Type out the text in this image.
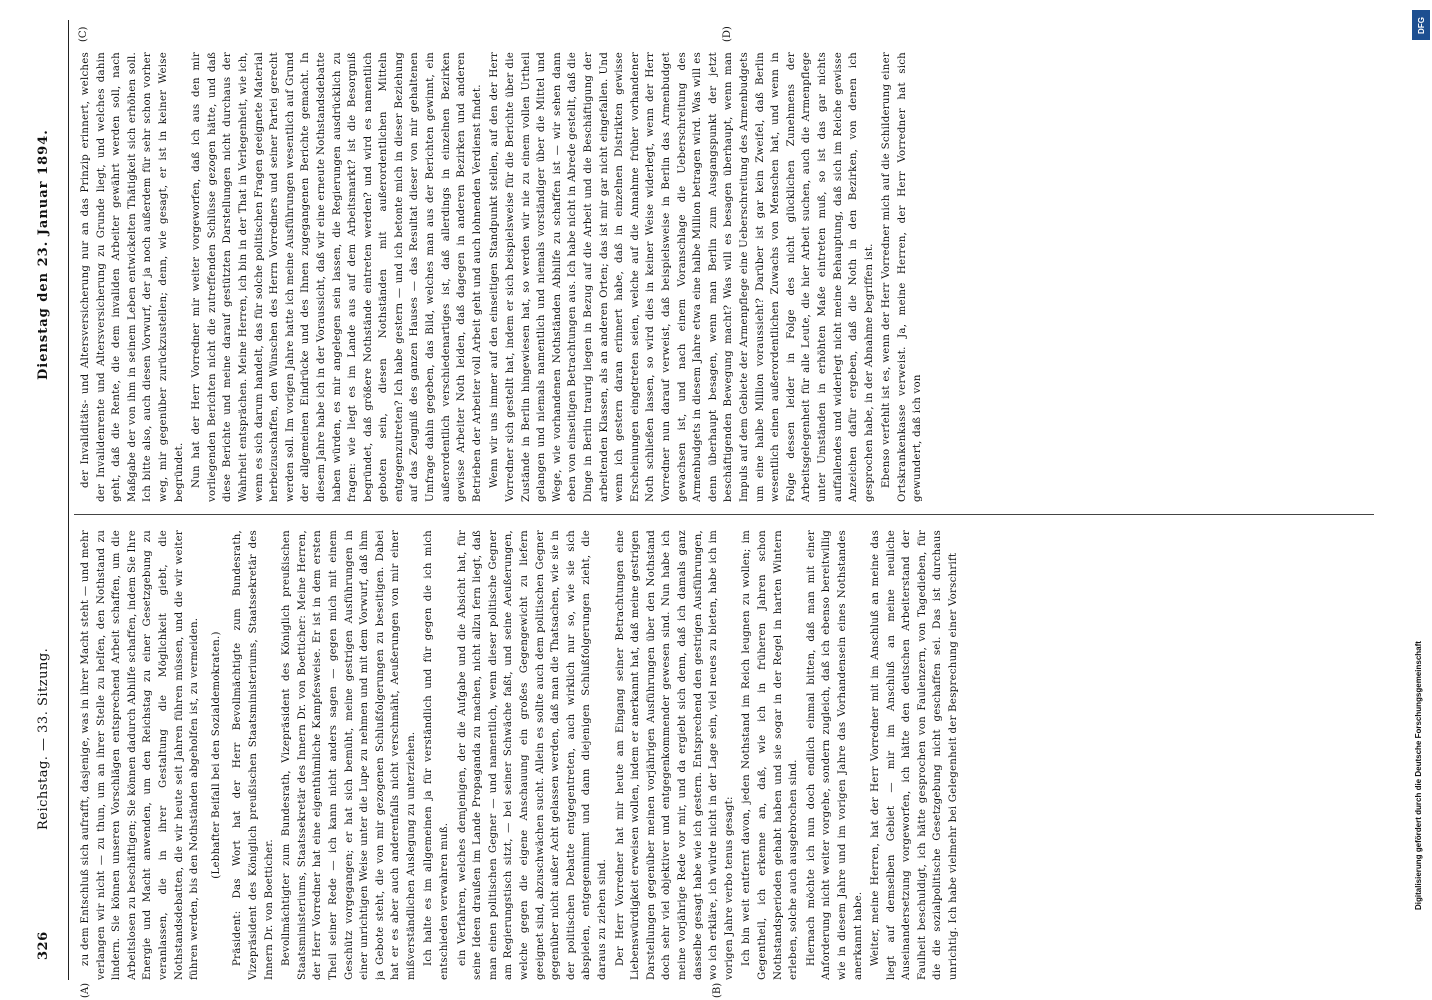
326
Reichstag. — 33. Sitzung.
Dienstag den 23. Januar 1894.
(A)	(B)
(C)	(D)

zu dem Entschluß sich aufrafft, dasjenige, was in ihrer Macht steht — und mehr verlangen wir nicht — zu thun, um an ihrer Stelle zu helfen, den Nothstand zu lindern. Sie können unseren Vorschlägen entsprechend Arbeit schaffen, um die Arbeitslosen zu beschäftigen; Sie können dadurch Abhilfe schaffen, indem Sie Ihre Energie und Macht anwenden, um den Reichstag zu einer Gesetzgebung zu veranlassen, die in ihrer Gestaltung die Möglichkeit giebt, die Nothstandsdebatten, die wir heute seit Jahren führen müssen, und die wir weiter führen werden, bis den Nothständen abgeholfen ist, zu vermeiden. (Lebhafter Beifall bei den Sozialdemokraten.) Präsident: Das Wort hat der Herr Bevollmächtigte zum Bundesrath, Vizepräsident des Königlich preußischen Staatsministeriums, Staatssekretär des Innern Dr. von Boetticher. Bevollmächtigter zum Bundesrath, Vizepräsident des Königlich preußischen Staatsministeriums, Staatssekretär des Innern Dr. von Boetticher: Meine Herren, der Herr Vorredner hat eine eigenthümliche Kampfesweise. Er ist in dem ersten Theil seiner Rede — ich kann nicht anders sagen — gegen mich mit einem Geschütz vorgegangen; er hat sich bemüht, meine gestrigen Ausführungen in einer unrichtigen Weise unter die Lupe zu nehmen und mit dem Vorwurf, daß ihm ja Gebote steht, die von mir gezogenen Schlußfolgerungen zu beseitigen. Dabei hat er es aber auch anderenfalls nicht verschmäht, Aeußerungen von mir einer mißverständlichen Auslegung zu unterziehen. Ich halte es im allgemeinen ja für verständlich und für gegen die ich mich entschieden verwahren muß. ein Verfahren, welches demjenigen, der die Aufgabe und die Absicht hat, für seine Ideen draußen im Lande Propaganda zu machen, nicht allzu fern liegt, daß man einen politischen Gegner — und namentlich, wenn dieser politische Gegner am Regierungstisch sitzt, — bei seiner Schwäche faßt, und seine Aeußerungen, welche gegen die eigene Anschauung ein großes Gegengewicht zu liefern geeignet sind, abzuschwächen sucht. Allein es sollte auch dem politischen Gegner gegenüber nicht außer Acht gelassen werden, daß man die Thatsachen, wie sie in der politischen Debatte entgegentreten, auch wirklich nur so, wie sie sich abspielen, entgegennimmt und dann diejenigen Schlußfolgerungen zieht, die daraus zu ziehen sind. Der Herr Vorredner hat mir heute am Eingang seiner Betrachtungen eine Liebenswürdigkeit erweisen wollen, indem er anerkannt hat, daß meine gestrigen Darstellungen gegenüber meinen vorjährigen Ausführungen über den Nothstand doch sehr viel objektiver und entgegenkommender gewesen sind. Nun habe ich meine vorjährige Rede vor mir, und da ergiebt sich denn, daß ich damals ganz dasselbe gesagt habe wie ich gestern. Entsprechend den gestrigen Ausführungen, wo ich erkläre, ich würde nicht in der Lage sein, viel neues zu bieten, habe ich im vorigen Jahre verbo tenus gesagt: Ich bin weit entfernt davon, jeden Nothstand im Reich leugnen zu wollen; im Gegentheil, ich erkenne an, daß, wie ich in früheren Jahren schon Nothstandsperioden gehabt haben und sie sogar in der Regel in harten Wintern erleben, solche auch ausgebrochen sind. Hiernach möchte ich nun doch endlich einmal bitten, daß man mit einer Anforderung nicht weiter vorgehe, sondern zugleich, daß ich ebenso bereitwillig wie in diesem Jahre und im vorigen Jahre das Vorhandensein eines Nothstandes anerkannt habe. Weiter, meine Herren, hat der Herr Vorredner mit im Anschluß an meine das liegt auf demselben Gebiet — mir im Anschluß an meine neuliche Auseinandersetzung vorgeworfen, ich hätte den deutschen Arbeiterstand der Faulheit beschuldigt, ich hätte gesprochen von Faulenzern, von Tagedieben, für die die sozialpolitische Gesetzgebung nicht geschaffen sei. Das ist durchaus unrichtig. Ich habe vielmehr bei Gelegenheit der Besprechung einer Vorschrift

der Invaliditäts- und Altersversicherung nur an das Prinzip erinnert, welches der Invalidenrente und Altersversicherung zu Grunde liegt, und welches dahin geht, daß die Rente, die dem invaliden Arbeiter gewährt werden soll, nach Maßgabe der von ihm in seinem Leben entwickelten Thätigkeit sich erhöhen soll. Ich bitte also, auch diesen Vorwurf, der ja noch außerdem für sehr schon vorher weg, mir gegenüber zurückzustellen; denn, wie gesagt, er ist in keiner Weise begründet. Nun hat der Herr Vorredner mir weiter vorgeworfen, daß ich aus den mir vorliegenden Berichten nicht die zutreffenden Schlüsse gezogen hätte, und daß diese Berichte und meine darauf gestützten Darstellungen nicht durchaus der Wahrheit entsprächen. Meine Herren, ich bin in der That in Verlegenheit, wie ich, wenn es sich darum handelt, das für solche politischen Fragen geeignete Material herbeizuschaffen, den Wünschen des Herrn Vorredners und seiner Partei gerecht werden soll. Im vorigen Jahre hatte ich meine Ausführungen wesentlich auf Grund der allgemeinen Eindrücke und des Ihnen zugegangenen Berichte gemacht. In diesem Jahre habe ich in der Voraussicht, daß wir eine erneute Nothstandsdebatte haben würden, es mir angelegen sein lassen, die Regierungen ausdrücklich zu fragen: wie liegt es im Lande aus auf dem Arbeitsmarkt? ist die Besorgniß begründet, daß größere Nothstände eintreten werden? und wird es namentlich geboten sein, diesen Nothständen mit außerordentlichen Mitteln entgegenzutreten? Ich habe gestern — und ich betonte mich in dieser Beziehung auf das Zeugniß des ganzen Hauses — das Resultat dieser von mir gehaltenen Umfrage dahin gegeben, das Bild, welches man aus der Berichten gewinnt, ein außerordentlich verschiedenartiges ist, daß allerdings in einzelnen Bezirken gewisse Arbeiter Noth leiden, daß dagegen in anderen Bezirken und anderen Betrieben der Arbeiter voll Arbeit geht und auch lohnenden Verdienst findet. Wenn wir uns immer auf den einseitigen Standpunkt stellen, auf den der Herr Vorredner sich gestellt hat, indem er sich beispielsweise für die Berichte über die Zustände in Berlin hingewiesen hat, so werden wir nie zu einem vollen Urtheil gelangen und niemals namentlich und niemals vorständiger über die Mittel und Wege, wie vorhandenen Nothständen Abhilfe zu schaffen ist — wir sehen dann eben von einseitigen Betrachtungen aus. Ich habe nicht in Abrede gestellt, daß die Dinge in Berlin traurig liegen in Bezug auf die Arbeit und die Beschäftigung der arbeitenden Klassen, als an anderen Orten; das ist mir gar nicht eingefallen. Und wenn ich gestern daran erinnert habe, daß in einzelnen Distrikten gewisse Erscheinungen eingetreten seien, welche auf die Annahme früher vorhandener Noth schließen lassen, so wird dies in keiner Weise widerlegt, wenn der Herr Vorredner nun darauf verweist, daß beispielsweise in Berlin das Armenbudget gewachsen ist, und nach einem Voranschlage die Ueberschreitung des Armenbudgets in diesem Jahre etwa eine halbe Million betragen wird. Was will es denn überhaupt besagen, wenn man Berlin zum Ausgangspunkt der jetzt beschäftigenden Bewegung macht? Was will es besagen überhaupt, wenn man Impuls auf dem Gebiete der Armenpflege eine Ueberschreitung des Armenbudgets um eine halbe Million voraussieht? Darüber ist gar kein Zweifel, daß Berlin wesentlich einen außerordentlichen Zuwachs von Menschen hat, und wenn in Folge dessen leider in Folge des nicht glücklichen Zunehmens der Arbeitsgelegenheit für alle Leute, die hier Arbeit suchen, auch die Armenpflege unter Umständen in erhöhten Maße eintreten muß, so ist das gar nichts auffallendes und widerlegt nicht meine Behauptung, daß sich im Reiche gewisse Anzeichen dafür ergeben, daß die Noth in den Bezirken, von denen ich gesprochen habe, in der Abnahme begriffen ist. Ebenso verfehlt ist es, wenn der Herr Vorredner mich auf die Schilderung einer Ortskrankenkasse verweist. Ja, meine Herren, der Herr Vorredner hat sich gewundert, daß ich von

Digitalisierung gefördert durch die Deutsche Forschungsgemeinschaft
DFG
